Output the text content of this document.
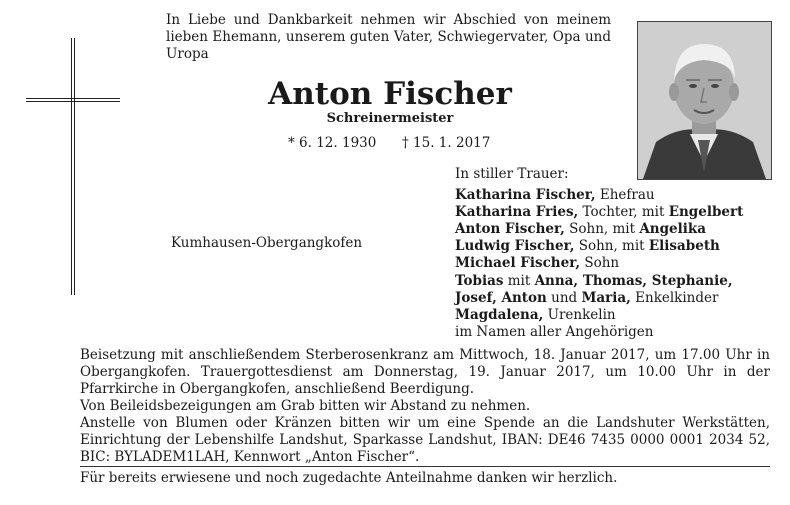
In Liebe und Dankbarkeit nehmen wir Abschied von meinem lieben Ehemann, unserem guten Vater, Schwiegervater, Opa und Uropa
Anton Fischer
Schreinermeister
* 6. 12. 1930 † 15. 1. 2017
Kumhausen-Obergangkofen
In stiller Trauer:
Katharina Fischer, Ehefrau
Katharina Fries, Tochter, mit Engelbert
Anton Fischer, Sohn, mit Angelika
Ludwig Fischer, Sohn, mit Elisabeth
Michael Fischer, Sohn
Tobias mit Anna, Thomas, Stephanie,
Josef, Anton und Maria, Enkelkinder
Magdalena, Urenkelin
im Namen aller Angehörigen

Beisetzung mit anschließendem Sterberosenkranz am Mittwoch, 18. Januar 2017, um 17.00 Uhr in Obergangkofen. Trauergottesdienst am Donnerstag, 19. Januar 2017, um 10.00 Uhr in der Pfarrkirche in Obergangkofen, anschließend Beerdigung.

Von Beileidsbezeigungen am Grab bitten wir Abstand zu nehmen.

Anstelle von Blumen oder Kränzen bitten wir um eine Spende an die Landshuter Werkstätten, Einrichtung der Lebenshilfe Landshut, Sparkasse Landshut, IBAN: DE46 7435 0000 0001 2034 52, BIC: BYLADEM1LAH, Kennwort „Anton Fischer“.

Für bereits erwiesene und noch zugedachte Anteilnahme danken wir herzlich.
